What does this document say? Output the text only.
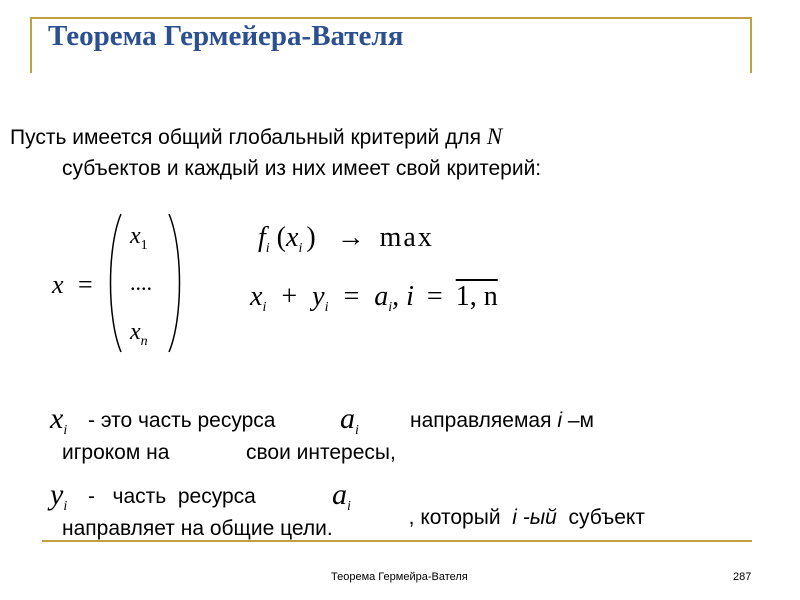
Теорема Гермейера-Вателя
Пусть имеется общий глобальный критерий для N
субъектов и каждый из них имеет свой критерий:
x =
$x_1$
....
$x_n$
$f_i$ ($x_i$ ) → max
$x_i + y_i = a_i$, i = 1, n
$x_i$ - это часть ресурса $a_i$ направляемая i –м
игроком на	свои интересы,
$y_i$ -   часть  ресурса	$a_i$	, который  i -ый  субъект

направляет на общие цели.
Теорема Гермейра-Вателя	287
